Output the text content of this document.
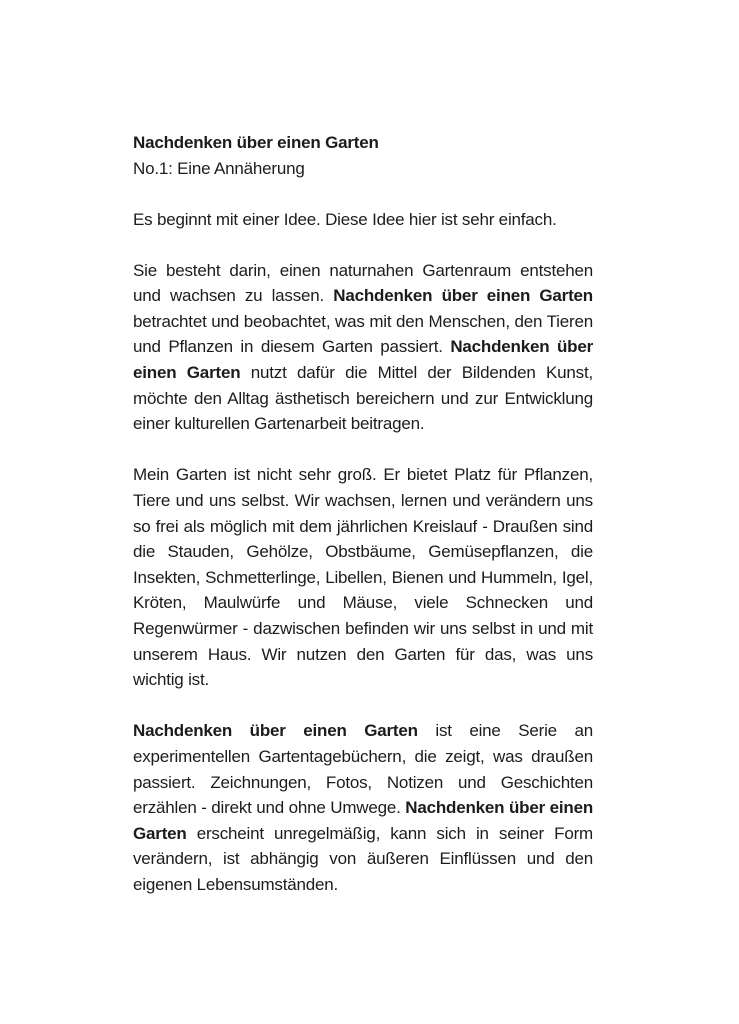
Nachdenken über einen Garten
No.1: Eine Annäherung

Es beginnt mit einer Idee. Diese Idee hier ist sehr einfach.

Sie besteht darin, einen naturnahen Gartenraum entstehen und wachsen zu lassen. Nachdenken über einen Garten betrachtet und beobachtet, was mit den Menschen, den Tieren und Pflanzen in diesem Garten passiert. Nachdenken über einen Garten nutzt dafür die Mittel der Bildenden Kunst, möchte den Alltag ästhetisch bereichern und zur Entwicklung einer kulturellen Gartenarbeit beitragen.

Mein Garten ist nicht sehr groß. Er bietet Platz für Pflanzen, Tiere und uns selbst. Wir wachsen, lernen und verändern uns so frei als möglich mit dem jährlichen Kreislauf - Draußen sind die Stauden, Gehölze, Obstbäume, Gemüsepflanzen, die Insekten, Schmetterlinge, Libellen, Bienen und Hummeln, Igel, Kröten, Maulwürfe und Mäuse, viele Schnecken und Regenwürmer - dazwischen befinden wir uns selbst in und mit unserem Haus. Wir nutzen den Garten für das, was uns wichtig ist.

Nachdenken über einen Garten ist eine Serie an experimentellen Gartentagebüchern, die zeigt, was draußen passiert. Zeichnungen, Fotos, Notizen und Geschichten erzählen - direkt und ohne Umwege. Nachdenken über einen Garten erscheint unregelmäßig, kann sich in seiner Form verändern, ist abhängig von äußeren Einflüssen und den eigenen Lebensumständen.
